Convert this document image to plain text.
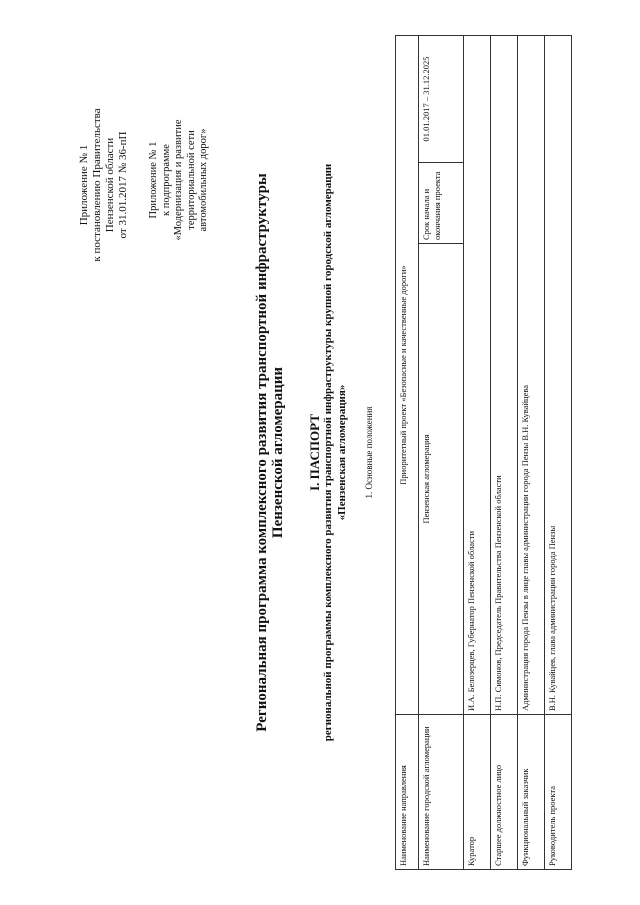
Приложение № 1 к постановлению Правительства Пензенской области от 31.01.2017 № 36-пП Приложение № 1 к подпрограмме «Модернизация и развитие территориальной сети автомобильных дорог»	Региональная программа комплексного развития транспортной инфраструктуры Пензенской агломерации I. ПАСПОРТ региональной программы комплексного развития транспортной инфраструктуры крупной городской агломерации «Пензенская агломерация» 1. Основные положения
Наименование направления	Приоритетный проект «Безопасные и качественные дороги»		
Наименование городской агломерации	Пензенская агломерация	Срок начала и окончания проекта	01.01.2017 – 31.12.2025
Куратор	И.А. Белозерцев, Губернатор Пензенской области		
Старшее должностное лицо	Н.П. Симонов, Председатель Правительства Пензенской области		
Функциональный заказчик	Администрация города Пензы в лице главы администрации города Пензы В.Н. Кувайцева		
Руководитель проекта	В.Н. Кувайцев, глава администрации города Пензы		
